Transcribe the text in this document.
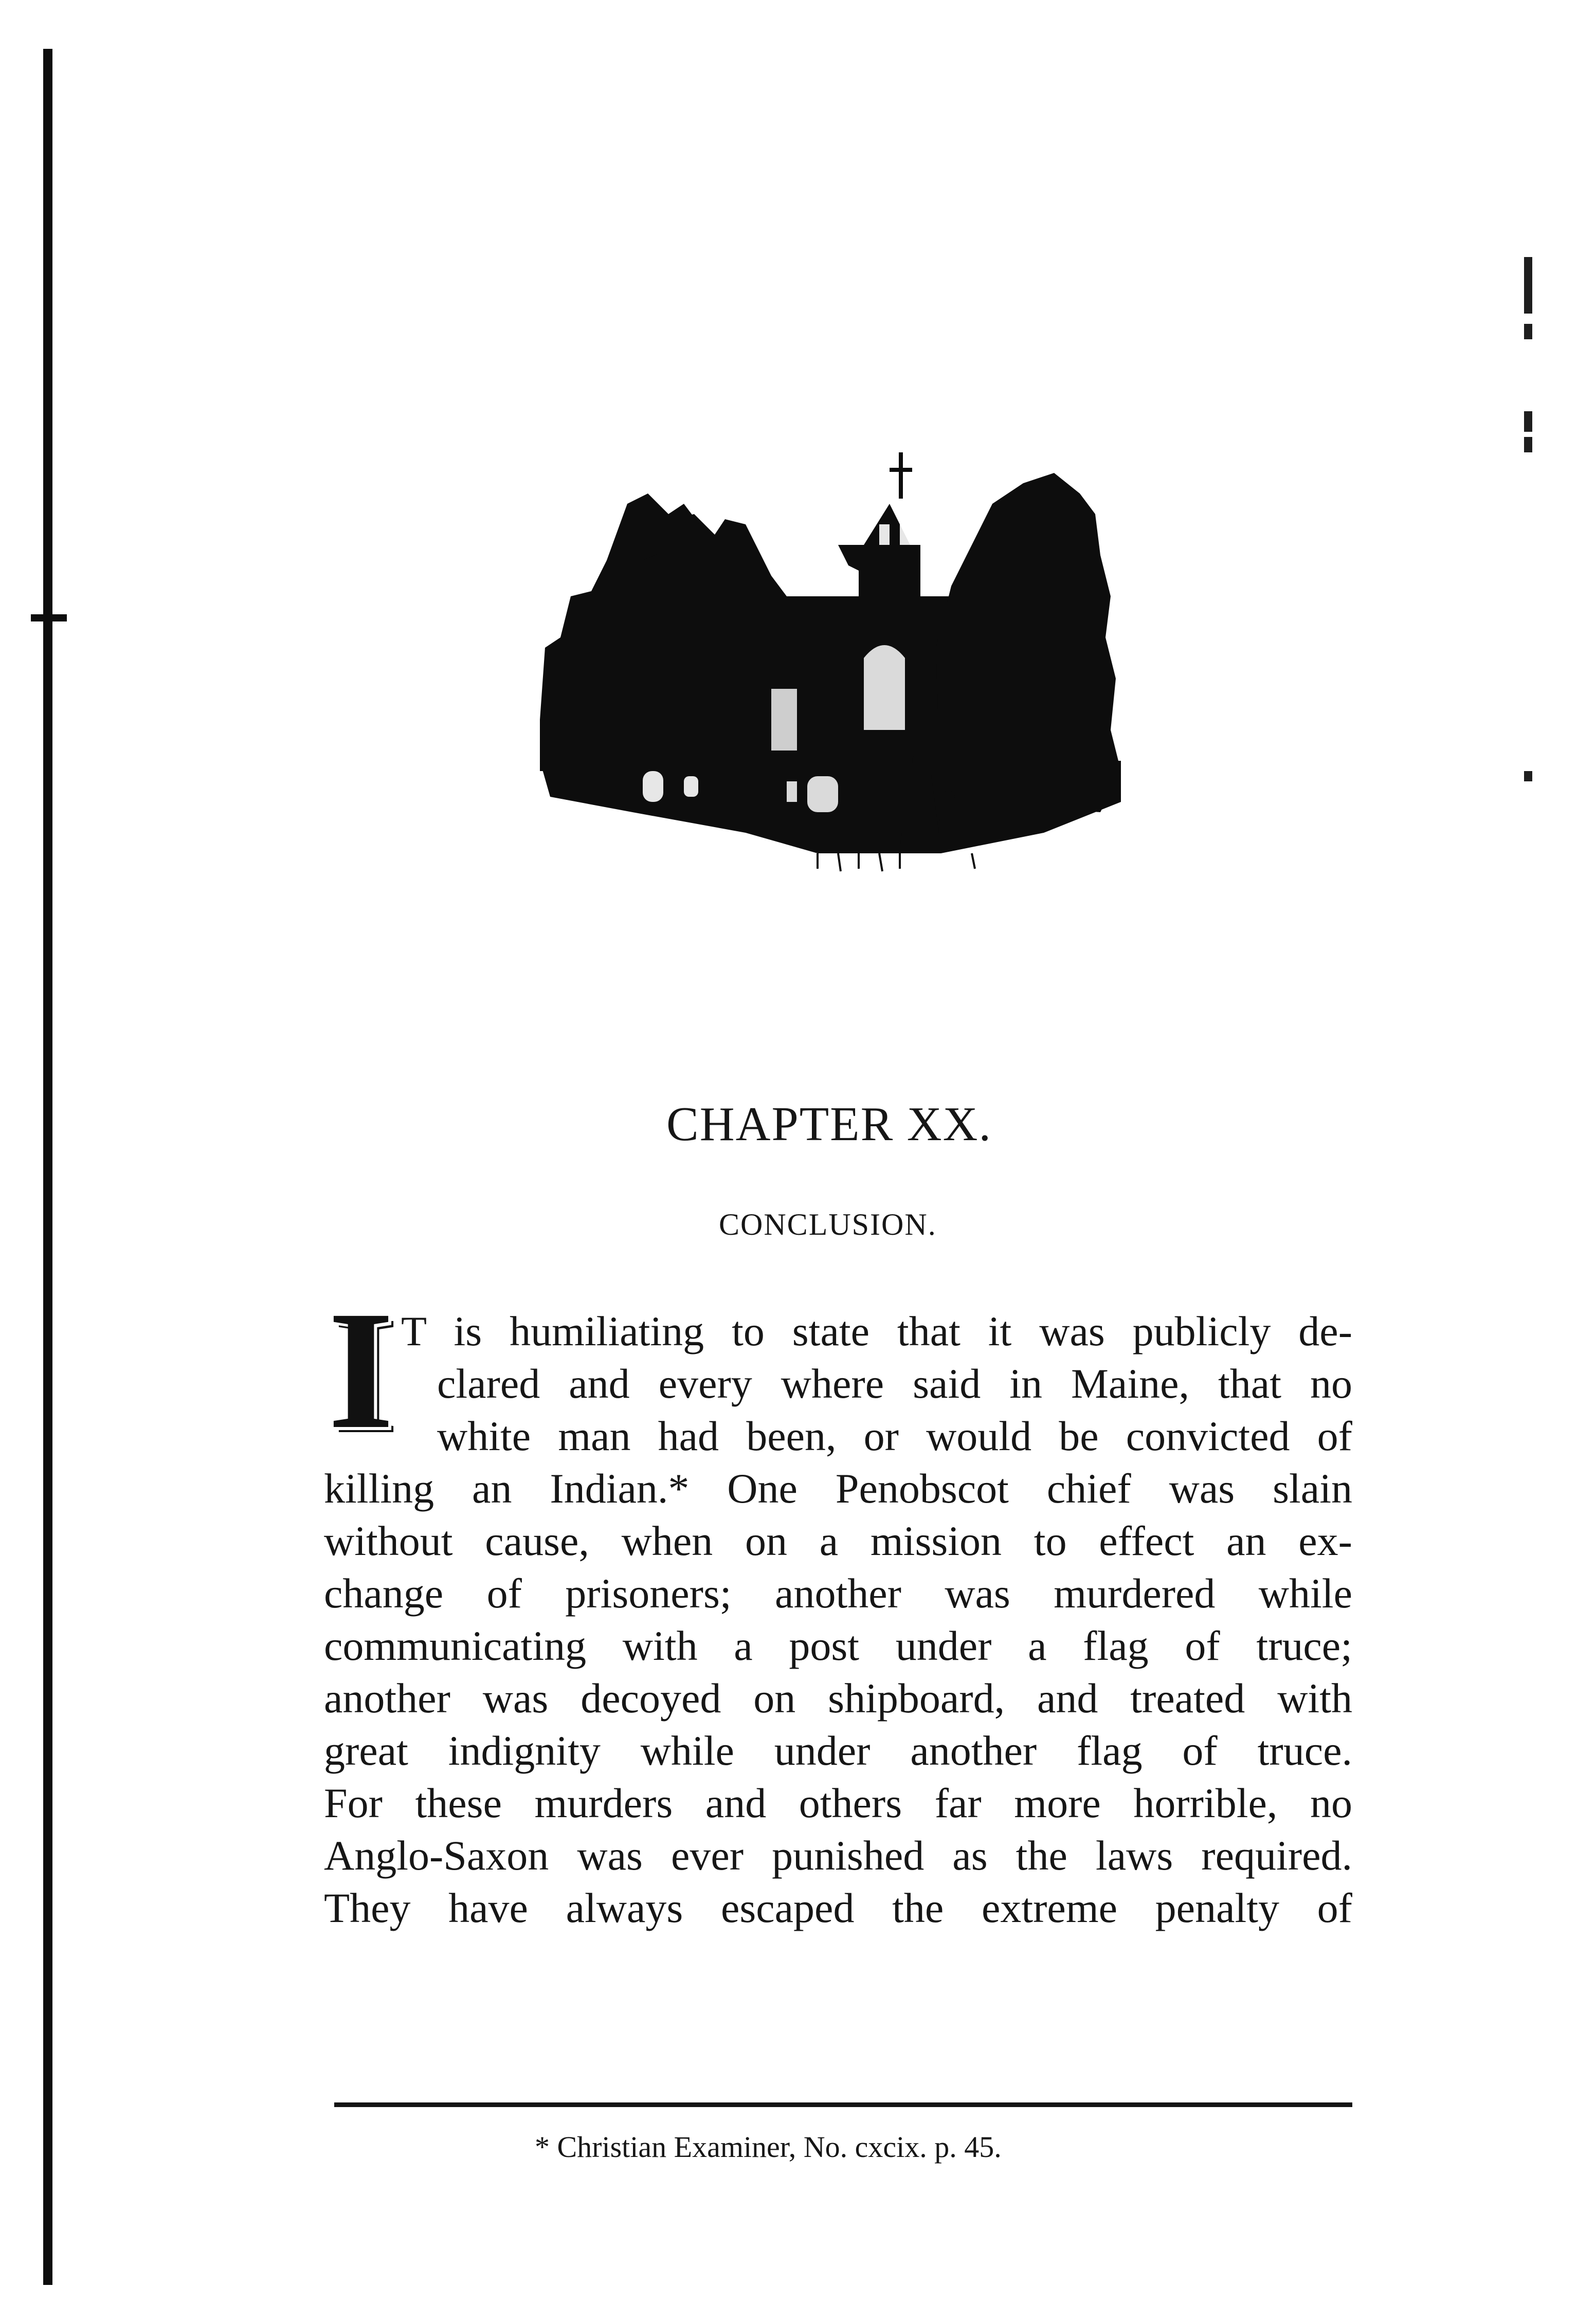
CHAPTER XX.
CONCLUSION.
I T is humiliating to state that it was publicly de-
clared and every where said in Maine, that no
white man had been, or would be convicted of
killing an Indian.* One Penobscot chief was slain
without cause, when on a mission to effect an ex-
change of prisoners; another was murdered while
communicating with a post under a flag of truce;
another was decoyed on shipboard, and treated with
great indignity while under another flag of truce.
For these murders and others far more horrible, no
Anglo-Saxon was ever punished as the laws required.
They have always escaped the extreme penalty of
* Christian Examiner, No. cxcix. p. 45.
